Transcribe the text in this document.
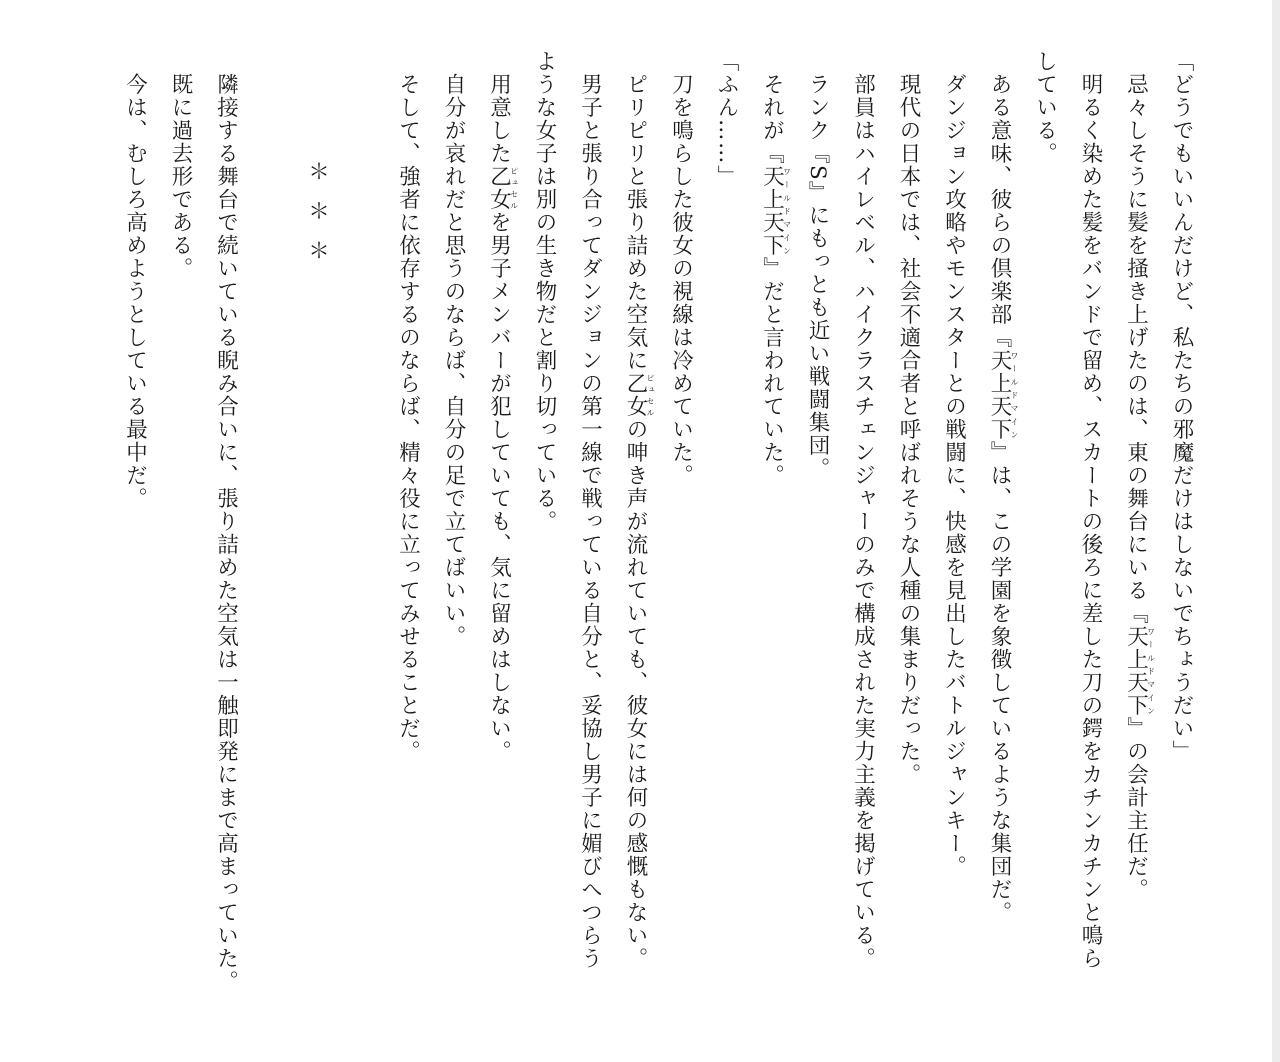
「どうでもいいんだけど、私たちの邪魔だけはしないでちょうだい」
　忌々しそうに髪を掻き上げたのは、東の舞台にいる『天上天下ワールドマイン』の会計主任だ。
　明るく染めた髪をバンドで留め、スカートの後ろに差した刀の鍔をカチンカチンと鳴ら
している。
　ある意味、彼らの倶楽部『天上天下ワールドマイン』は、この学園を象徴しているような集団だ。
　ダンジョン攻略やモンスターとの戦闘に、快感を見出したバトルジャンキー。
　現代の日本では、社会不適合者と呼ばれそうな人種の集まりだった。
　部員はハイレベル、ハイクラスチェンジャーのみで構成された実力主義を掲げている。
　ランク『S』にもっとも近い戦闘集団。
　それが『天上天下ワールドマイン』だと言われていた。
「ふん……」
　刀を鳴らした彼女の視線は冷めていた。
　ピリピリと張り詰めた空気に乙女ピュセルの呻き声が流れていても、彼女には何の感慨もない。
　男子と張り合ってダンジョンの第一線で戦っている自分と、妥協し男子に媚びへつらう
ような女子は別の生き物だと割り切っている。
　用意した乙女ピュセルを男子メンバーが犯していても、気に留めはしない。
　自分が哀れだと思うのならば、自分の足で立てばいい。
　そして、強者に依存するのならば、精々役に立ってみせることだ。
＊＊＊
　隣接する舞台で続いている睨み合いに、張り詰めた空気は一触即発にまで高まっていた。
　既に過去形である。
　今は、むしろ高めようとしている最中だ。
